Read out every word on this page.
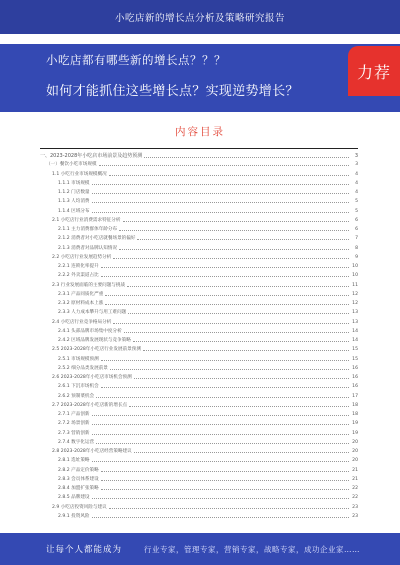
小吃店新的增长点分析及策略研究报告
小吃店都有哪些新的增长点？？？
如何才能抓住这些增长点？实现逆势增长？
力荐
内容目录
一、2023-2028年小吃店市场前景及趋势预测	3
（一）餐饮小吃市场规模	3
1.1 小吃行业市场规模概况	4
1.1.1 市场规模	4
1.1.2 门店数量	4
1.1.3 人均消费	5
1.1.4 区域分布	5
2.1 小吃店行业消费需求特征分析	6
2.1.1 主力消费群体年龄分布	6
2.1.2 消费者对小吃店就餐场景的偏好	7
2.1.3 消费者对品牌认知情况	8
2.2 小吃店行业发展趋势分析	9
2.2.1 连锁化率提升	10
2.2.2 外卖渠道占比	10
2.3 行业发展面临的主要问题与挑战	11
2.3.1 产品同质化严重	12
2.3.2 原材料成本上涨	12
2.3.3 人力成本攀升与用工难问题	13
2.4 小吃店行业竞争格局分析	13
2.4.1 头部品牌市场集中度分析	14
2.4.2 区域品牌发展现状与竞争策略	14
2.5 2023-2028年小吃店行业发展前景预测	15
2.5.1 市场规模预测	15
2.5.2 细分品类发展前景	16
2.6 2023-2028年小吃店市场机会预测	16
2.6.1 下沉市场机会	16
2.6.2 预制菜机会	17
2.7 2023-2028年小吃店新的增长点	18
2.7.1 产品创新	18
2.7.2 场景创新	19
2.7.3 营销创新	19
2.7.4 数字化运营	20
2.8 2023-2028年小吃店经营策略建议	20
2.8.1 选址策略	20
2.8.2 产品定价策略	21
2.8.3 会员体系建设	21
2.8.4 加盟扩张策略	22
2.8.5 品牌建设	22
2.9 小吃店投资风险与建议	23
2.9.1 投资风险	23
让每个人都能成为	行业专家，管理专家，营销专家，战略专家，成功企业家……
